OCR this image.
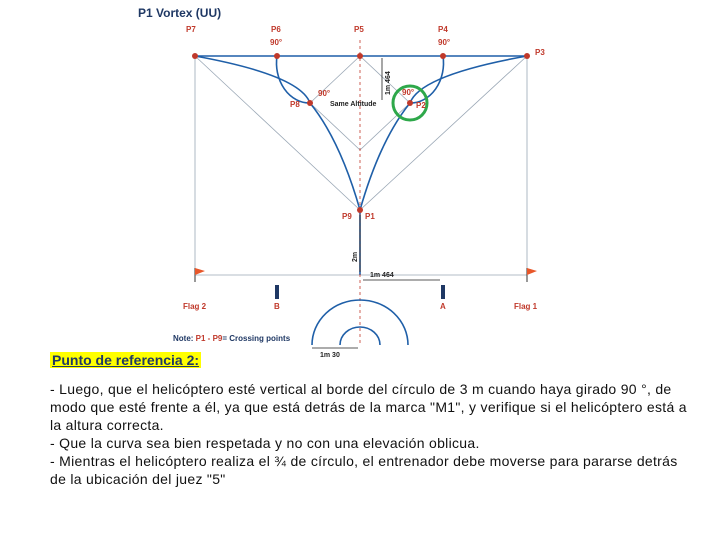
P1 Vortex (UU)
P7	P6
90°
P5	P4
90°
P3
P8
90°
P2
90°
P9 P1
Same Altitude
1m 464
2m
1m 464
1m 30
Flag 2	Flag 1
B	A
Note: P1 - P9= Crossing points
Punto de referencia 2:

- Luego, que el helicóptero esté vertical al borde del círculo de 3 m cuando haya girado 90 °, de modo que esté frente a él, ya que está detrás de la marca "M1", y verifique si el helicóptero está a la altura correcta.

- Que la curva sea bien respetada y no con una elevación oblicua.

- Mientras el helicóptero realiza el ¾ de círculo, el entrenador debe moverse para pararse detrás de la ubicación del juez "5"
